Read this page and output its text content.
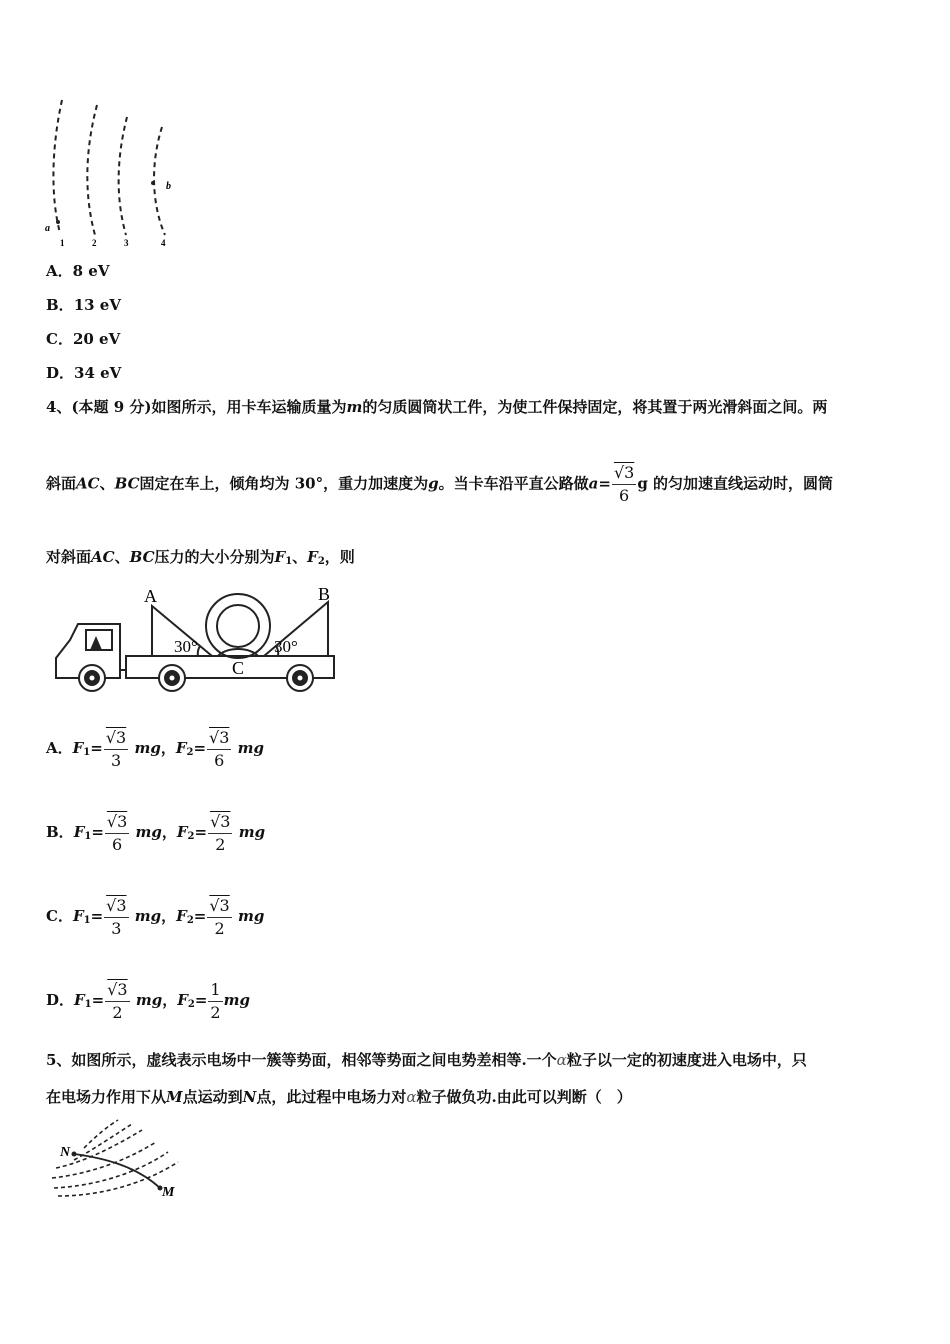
a
b
1	2	3	4
A．8 eV
B．13 eV
C．20 eV
D．34 eV
4、(本题 9 分)如图所示，用卡车运输质量为m的匀质圆筒状工件，为使工件保持固定，将其置于两光滑斜面之间。两
斜面AC、BC固定在车上，倾角均为 30°，重力加速度为g。当卡车沿平直公路做$a= \frac{√3}{6}$ g 的匀加速直线运动时，圆筒
对斜面AC、BC压力的大小分别为$F_1$、$F_2$，则
A	B
C
30°	30°
A．$F_1= \frac{√3}{3}$ mg，$F_2= \frac{√3}{6}$ mg
B．$F_1= \frac{√3}{6}$ mg，$F_2= \frac{√3}{2}$ mg
C．$F_1= \frac{√3}{3}$ mg，$F_2= \frac{√3}{2}$ mg
D．$F_1= \frac{√3}{2}$ mg，$F_2= \frac{1}{2}$ mg
5、如图所示，虚线表示电场中一簇等势面，相邻等势面之间电势差相等.一个α粒子以一定的初速度进入电场中，只
在电场力作用下从M点运动到N点，此过程中电场力对α粒子做负功.由此可以判断（　）
N
M
